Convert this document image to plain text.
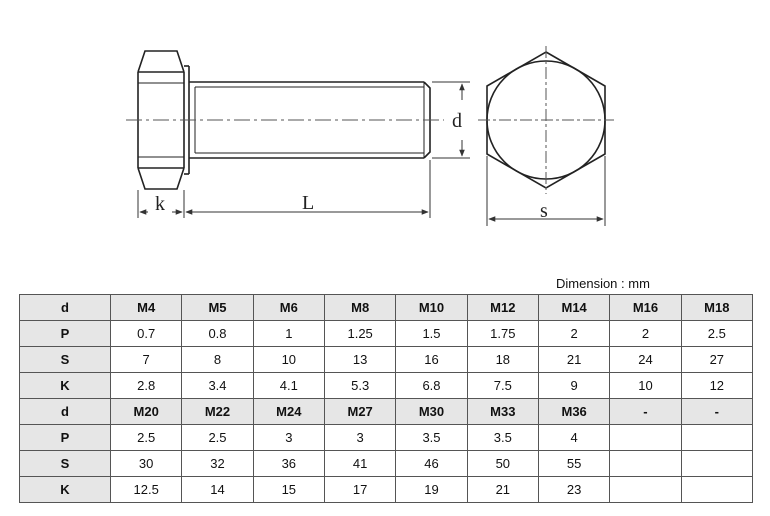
d
k	L	s
Dimension : mm
d	M4	M5	M6	M8	M10	M12	M14	M16	M18
P	0.7	0.8	1	1.25	1.5	1.75	2	2	2.5
S	7	8	10	13	16	18	21	24	27
K	2.8	3.4	4.1	5.3	6.8	7.5	9	10	12
d	M20	M22	M24	M27	M30	M33	M36	-	-
P	2.5	2.5	3	3	3.5	3.5	4		
S	30	32	36	41	46	50	55		
K	12.5	14	15	17	19	21	23		
